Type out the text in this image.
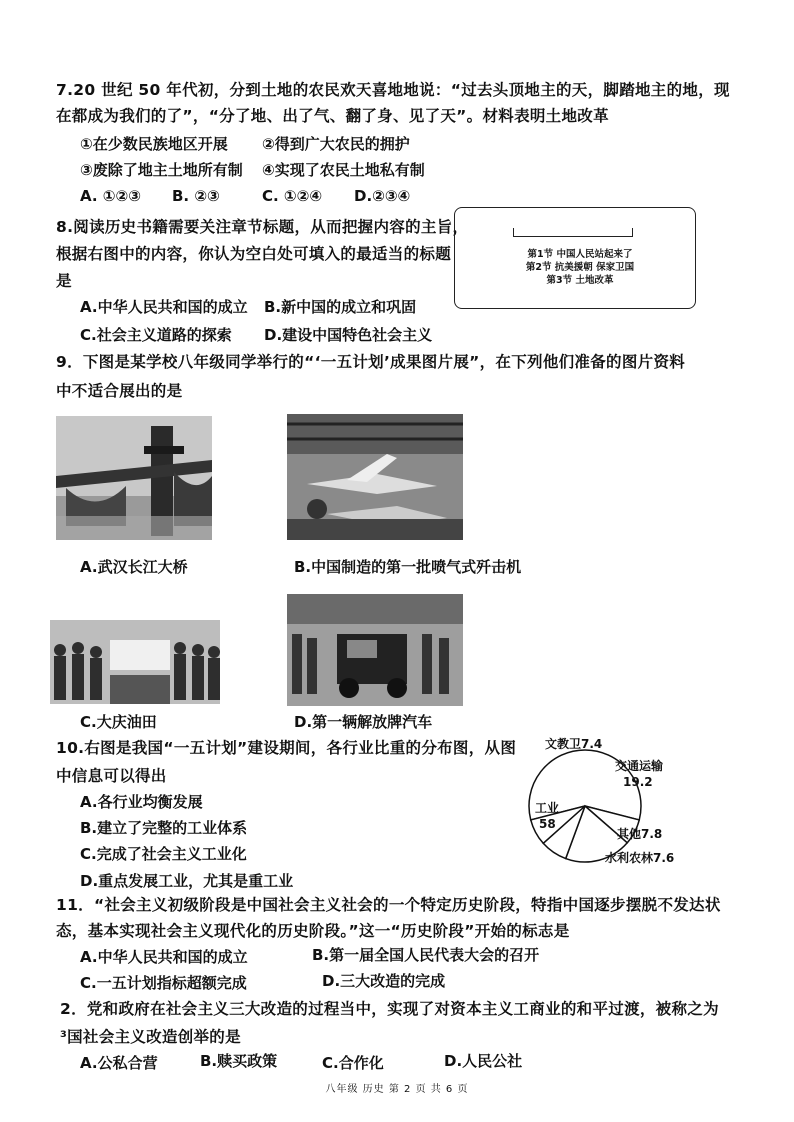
7.20 世纪 50 年代初，分到土地的农民欢天喜地地说：“过去头顶地主的天，脚踏地主的地，现
在都成为我们的了”，“分了地、出了气、翻了身、见了天”。材料表明土地改革
①在少数民族地区开展 ②得到广大农民的拥护
③废除了地主土地所有制 ④实现了农民土地私有制
A. ①②③ B. ②③	C. ①②④ D.②③④
8.阅读历史书籍需要关注章节标题，从而把握内容的主旨，
根据右图中的内容，你认为空白处可填入的最适当的标题
是
A.中华人民共和国的成立 B.新中国的成立和巩固
C.社会主义道路的探索 D.建设中国特色社会主义
第1节 中国人民站起来了
第2节 抗美援朝 保家卫国
第3节 土地改革
9．下图是某学校八年级同学举行的“‘一五计划’成果图片展”，在下列他们准备的图片资料
中不适合展出的是
A.武汉长江大桥	B.中国制造的第一批喷气式歼击机
C.大庆油田	D.第一辆解放牌汽车
10.右图是我国“一五计划”建设期间，各行业比重的分布图，从图
中信息可以得出
A.各行业均衡发展
B.建立了完整的工业体系
C.完成了社会主义工业化
D.重点发展工业，尤其是重工业
文教卫7.4
交通运输
19.2
工业
58
其他7.8
水利农林7.6
11．“社会主义初级阶段是中国社会主义社会的一个特定历史阶段，特指中国逐步摆脱不发达状
态，基本实现社会主义现代化的历史阶段。”这一“历史阶段”开始的标志是
A.中华人民共和国的成立	B.第一届全国人民代表大会的召开
C.一五计划指标超额完成	D.三大改造的完成
2．党和政府在社会主义三大改造的过程当中，实现了对资本主义工商业的和平过渡，被称之为
³国社会主义改造创举的是
A.公私合营	B.赎买政策	C.合作化	D.人民公社
八年级 历史 第 2 页 共 6 页
